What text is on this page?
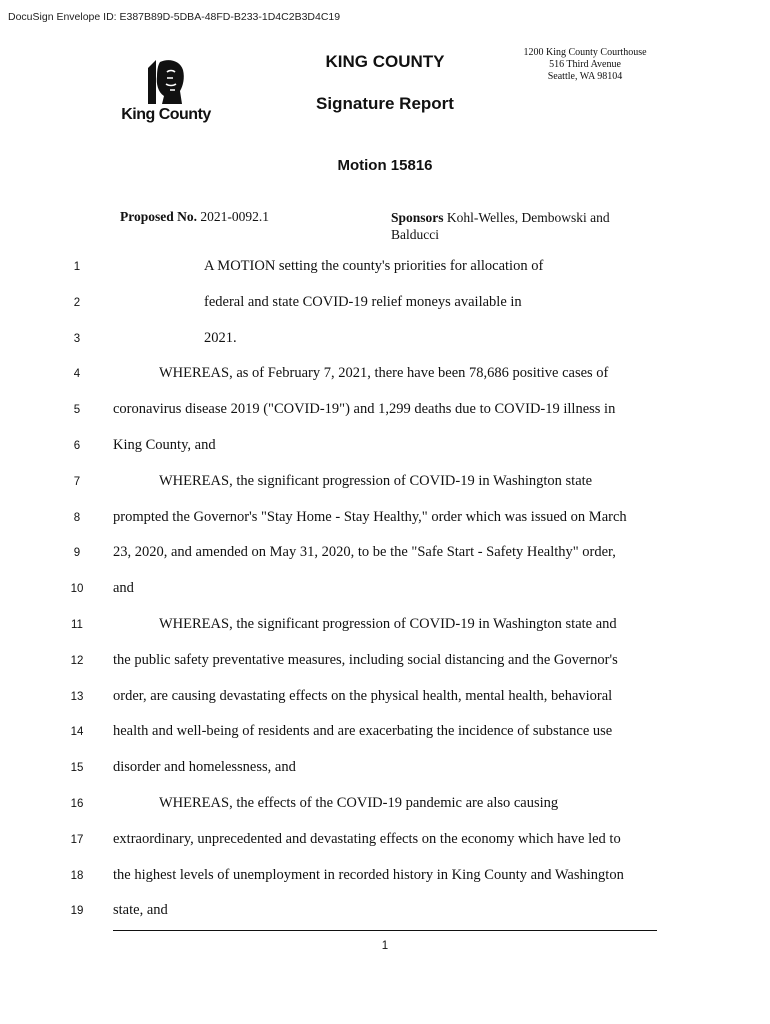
DocuSign Envelope ID: E387B89D-5DBA-48FD-B233-1D4C2B3D4C19
King County
KING COUNTY
Signature Report
1200 King County Courthouse
516 Third Avenue
Seattle, WA 98104
Motion 15816
Proposed No. 2021-0092.1	Sponsors Kohl-Welles, Dembowski and Balducci
1	A MOTION setting the county's priorities for allocation of
2	federal and state COVID-19 relief moneys available in
3	2021.
4	WHEREAS, as of February 7, 2021, there have been 78,686 positive cases of
5	coronavirus disease 2019 ("COVID-19") and 1,299 deaths due to COVID-19 illness in
6	King County, and
7	WHEREAS, the significant progression of COVID-19 in Washington state
8	prompted the Governor's "Stay Home - Stay Healthy," order which was issued on March
9	23, 2020, and amended on May 31, 2020, to be the "Safe Start - Safety Healthy" order,
10	and
11	WHEREAS, the significant progression of COVID-19 in Washington state and
12	the public safety preventative measures, including social distancing and the Governor's
13	order, are causing devastating effects on the physical health, mental health, behavioral
14	health and well-being of residents and are exacerbating the incidence of substance use
15	disorder and homelessness, and
16	WHEREAS, the effects of the COVID-19 pandemic are also causing
17	extraordinary, unprecedented and devastating effects on the economy which have led to
18	the highest levels of unemployment in recorded history in King County and Washington
19	state, and
1
